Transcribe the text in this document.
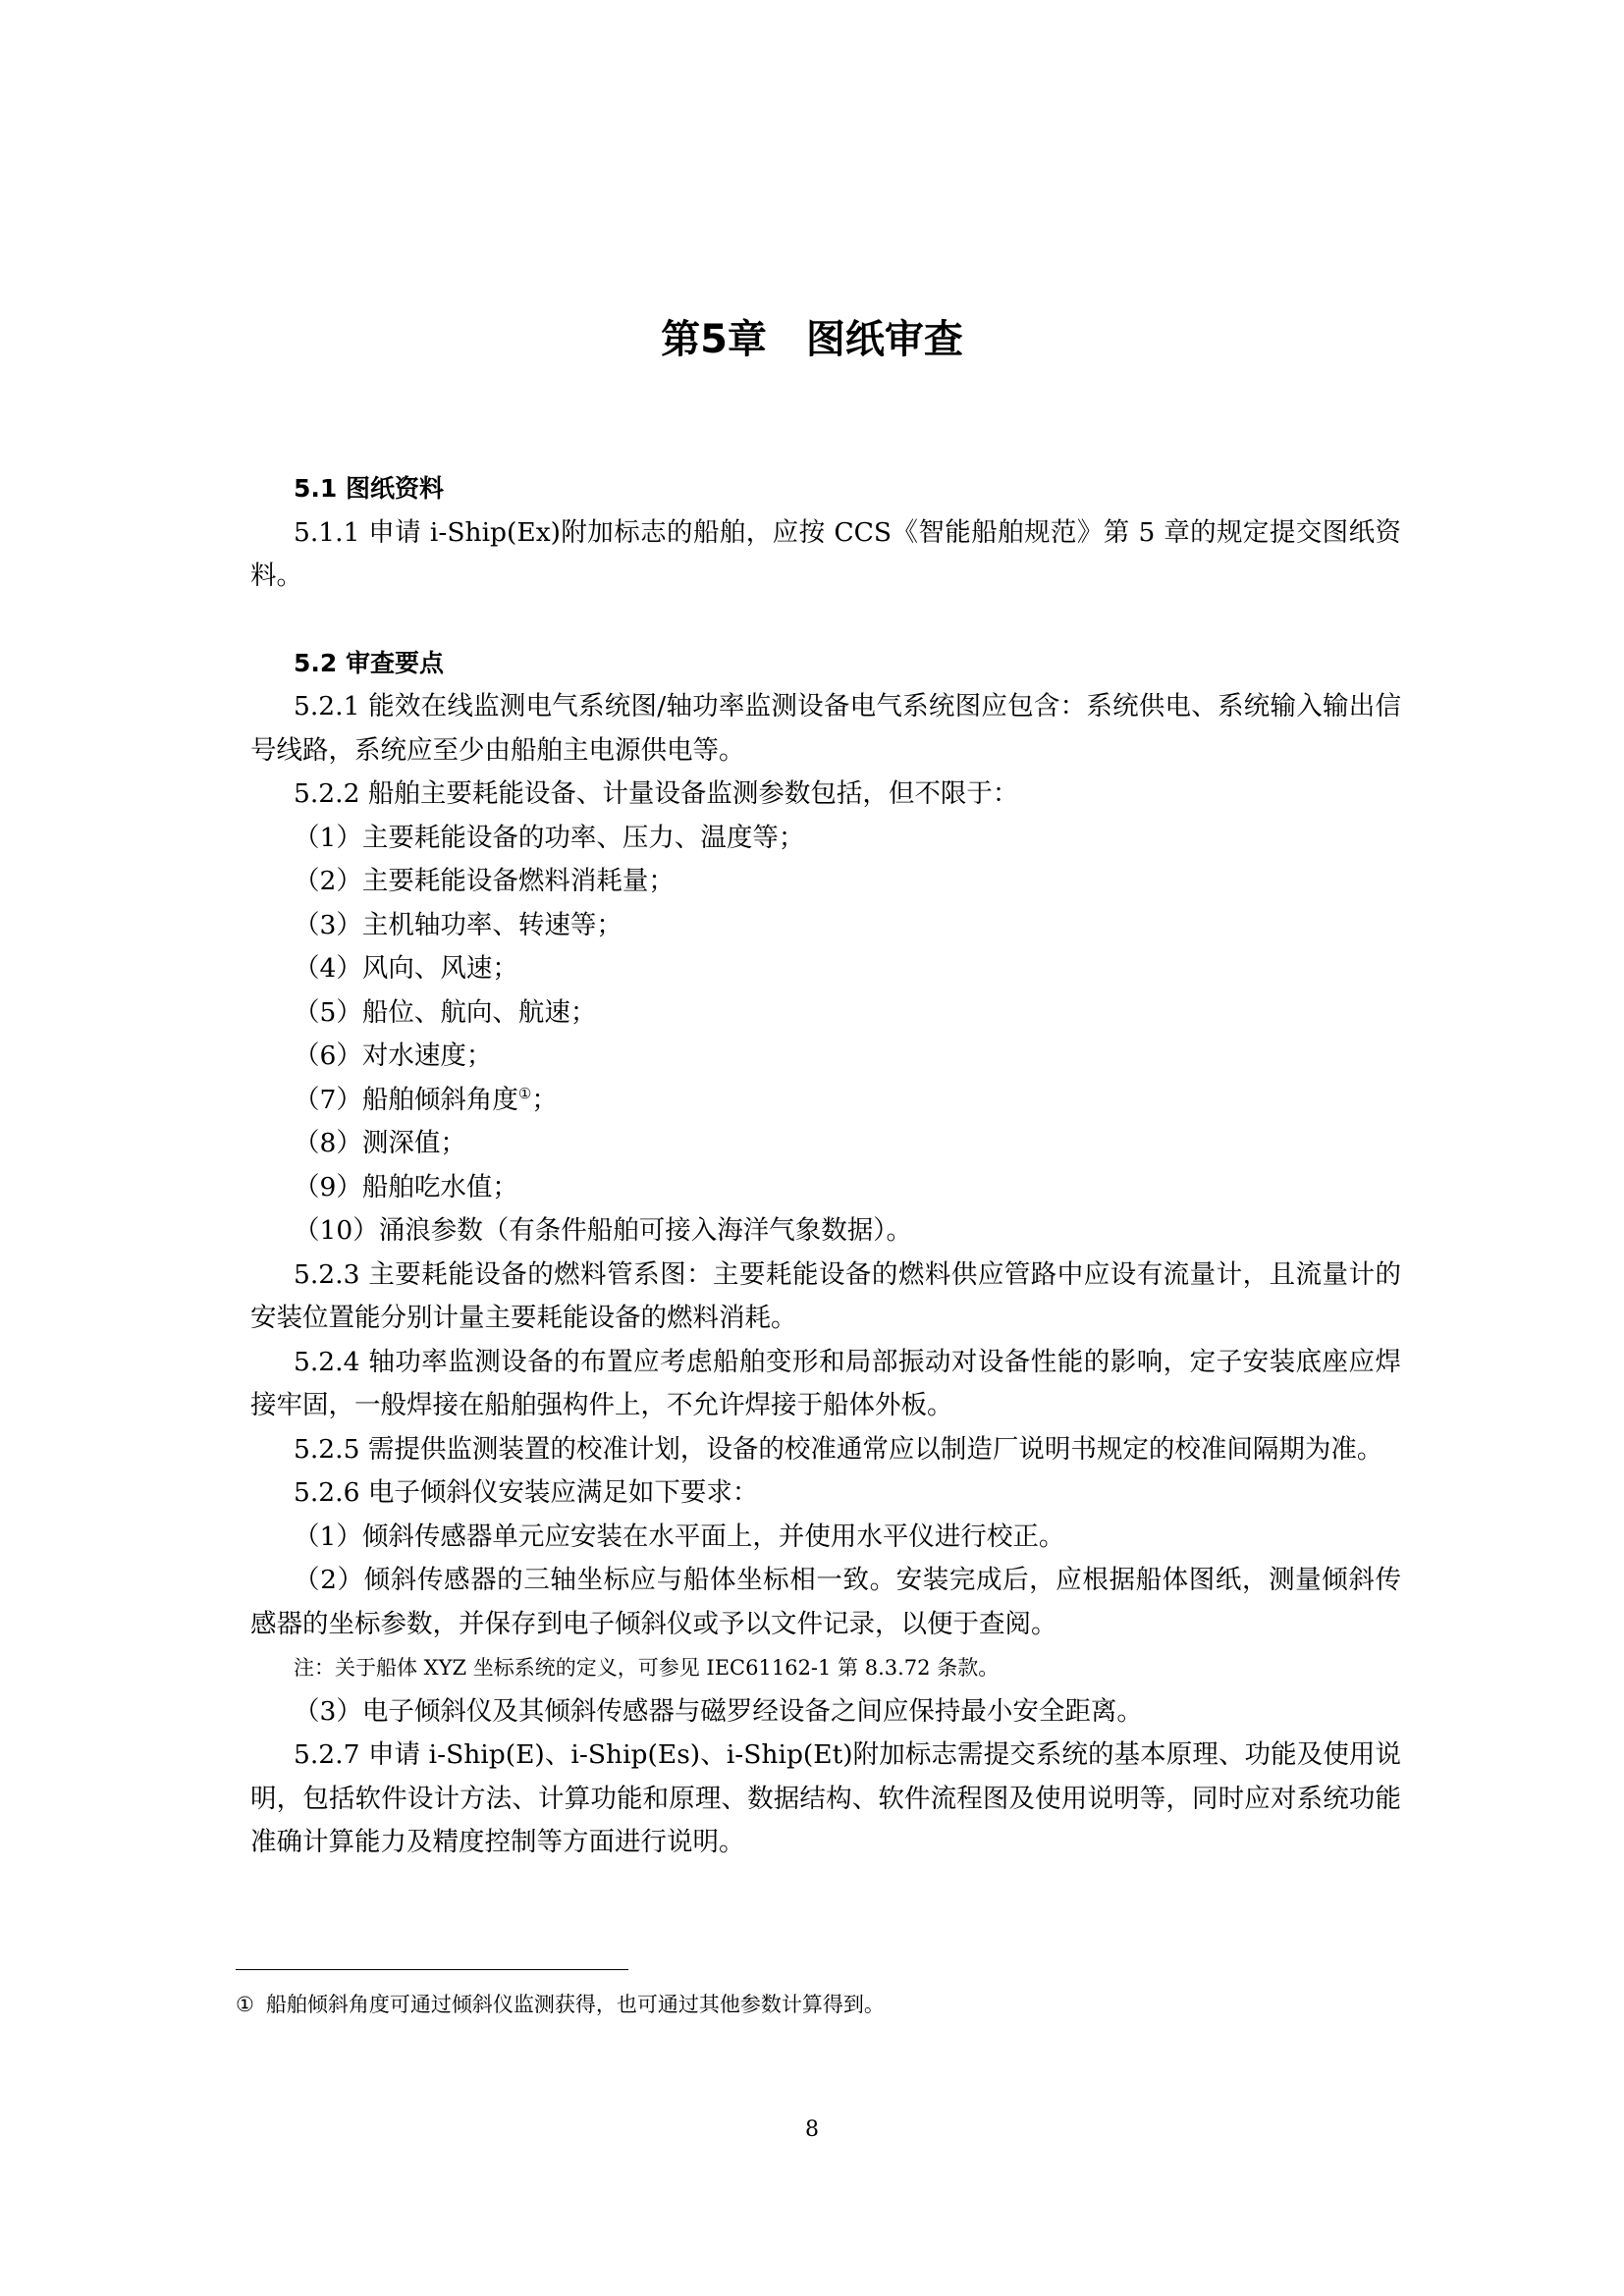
第5章 图纸审查

5.1 图纸资料

5.1.1 申请 i-Ship(Ex)附加标志的船舶，应按 CCS《智能船舶规范》第 5 章的规定提交图纸资料。

5.2 审查要点

5.2.1 能效在线监测电气系统图/轴功率监测设备电气系统图应包含：系统供电、系统输入输出信号线路，系统应至少由船舶主电源供电等。

5.2.2 船舶主要耗能设备、计量设备监测参数包括，但不限于：

（1）主要耗能设备的功率、压力、温度等；

（2）主要耗能设备燃料消耗量；

（3）主机轴功率、转速等；

（4）风向、风速；

（5）船位、航向、航速；

（6）对水速度；

（7）船舶倾斜角度①；

（8）测深值；

（9）船舶吃水值；

（10）涌浪参数（有条件船舶可接入海洋气象数据）。

5.2.3 主要耗能设备的燃料管系图：主要耗能设备的燃料供应管路中应设有流量计，且流量计的安装位置能分别计量主要耗能设备的燃料消耗。

5.2.4 轴功率监测设备的布置应考虑船舶变形和局部振动对设备性能的影响，定子安装底座应焊接牢固，一般焊接在船舶强构件上，不允许焊接于船体外板。

5.2.5 需提供监测装置的校准计划，设备的校准通常应以制造厂说明书规定的校准间隔期为准。

5.2.6 电子倾斜仪安装应满足如下要求：

（1）倾斜传感器单元应安装在水平面上，并使用水平仪进行校正。

（2）倾斜传感器的三轴坐标应与船体坐标相一致。安装完成后，应根据船体图纸，测量倾斜传感器的坐标参数，并保存到电子倾斜仪或予以文件记录，以便于查阅。

注：关于船体 XYZ 坐标系统的定义，可参见 IEC61162-1 第 8.3.72 条款。

（3）电子倾斜仪及其倾斜传感器与磁罗经设备之间应保持最小安全距离。

5.2.7 申请 i-Ship(E)、i-Ship(Es)、i-Ship(Et)附加标志需提交系统的基本原理、功能及使用说明，包括软件设计方法、计算功能和原理、数据结构、软件流程图及使用说明等，同时应对系统功能准确计算能力及精度控制等方面进行说明。

① 船舶倾斜角度可通过倾斜仪监测获得，也可通过其他参数计算得到。

8
